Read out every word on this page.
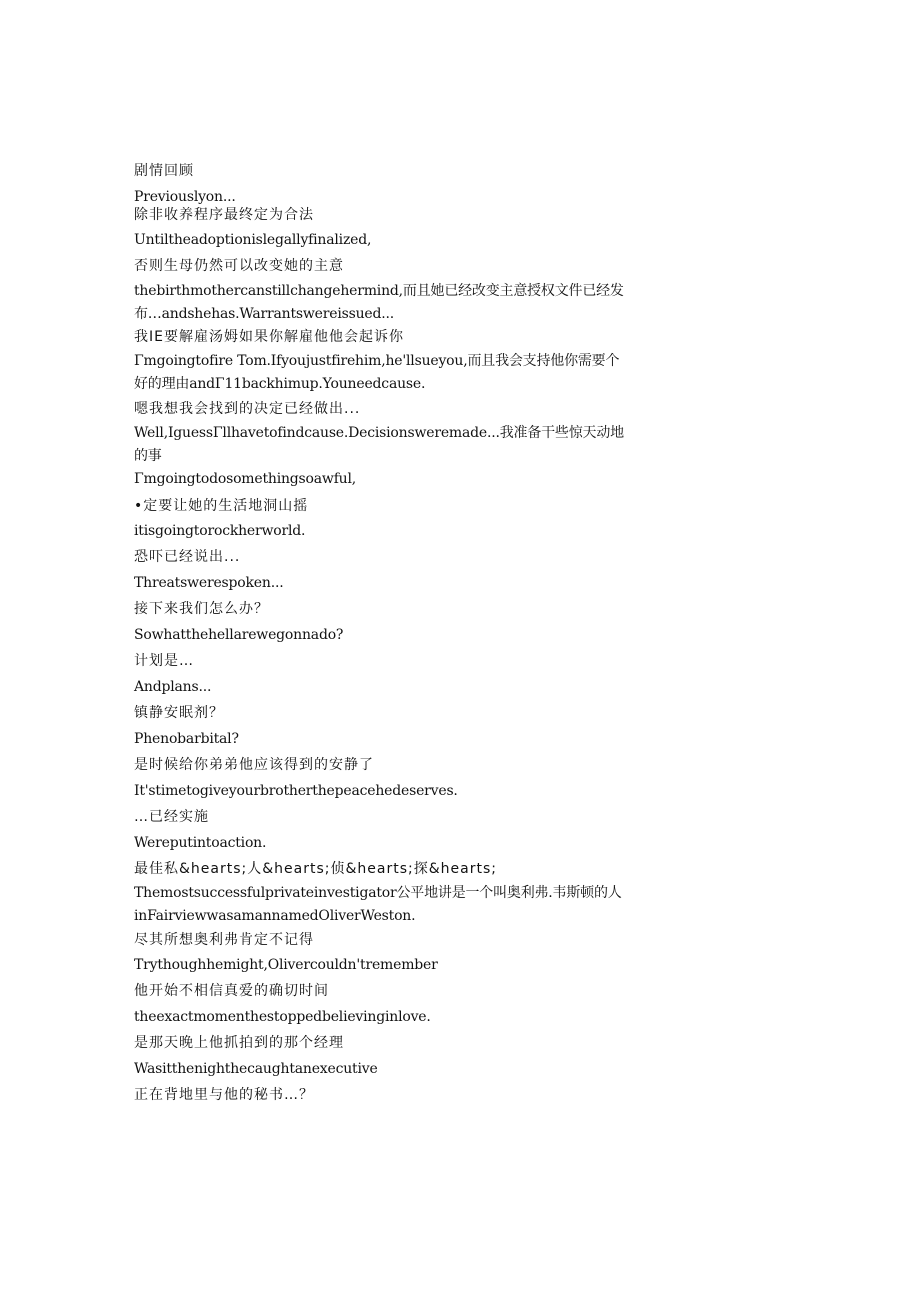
剧情回顾
Previouslyon...
除非收养程序最终定为合法
Untiltheadoptionislegallyfinalized,
否则生母仍然可以改变她的主意
thebirthmothercanstillchangehermind,而且她已经改变主意授权文件已经发布…andshehas.Warrantswereissued...
我IE要解雇汤姆如果你解雇他他会起诉你
Γmgoingtofire Tom.Ifyoujustfirehim,he'llsueyou,而且我会支持他你需要个好的理由andΓ11backhimup.Youneedcause.
嗯我想我会找到的决定已经做出...
Well,IguessΓllhavetofindcause.Decisionsweremade...我准备干些惊天动地的事
Γmgoingtodosomethingsoawful,
•定要让她的生活地洞山摇
itisgoingtorockherworld.
恐吓已经说出...
Threatswerespoken...
接下来我们怎么办？
Sowhatthehellarewegonnado?
计划是…
Andplans...
镇静安眠剂？
Phenobarbital?
是时候给你弟弟他应该得到的安静了
It'stimetogiveyourbrotherthepeacehedeserves.
…已经实施
Wereputintoaction.
最佳私&hearts;人&hearts;侦&hearts;探&hearts;
Themostsuccessfulprivateinvestigator公平地讲是一个叫奥利弗.韦斯顿的人inFairviewwasamannamedOliverWeston.
尽其所想奥利弗肯定不记得
Trythoughhemight,Olivercouldn'tremember
他开始不相信真爱的确切时间
theexactmomenthestoppedbelievinginlove.
是那天晚上他抓拍到的那个经理
Wasitthenighthecaughtanexecutive
正在背地里与他的秘书…？
